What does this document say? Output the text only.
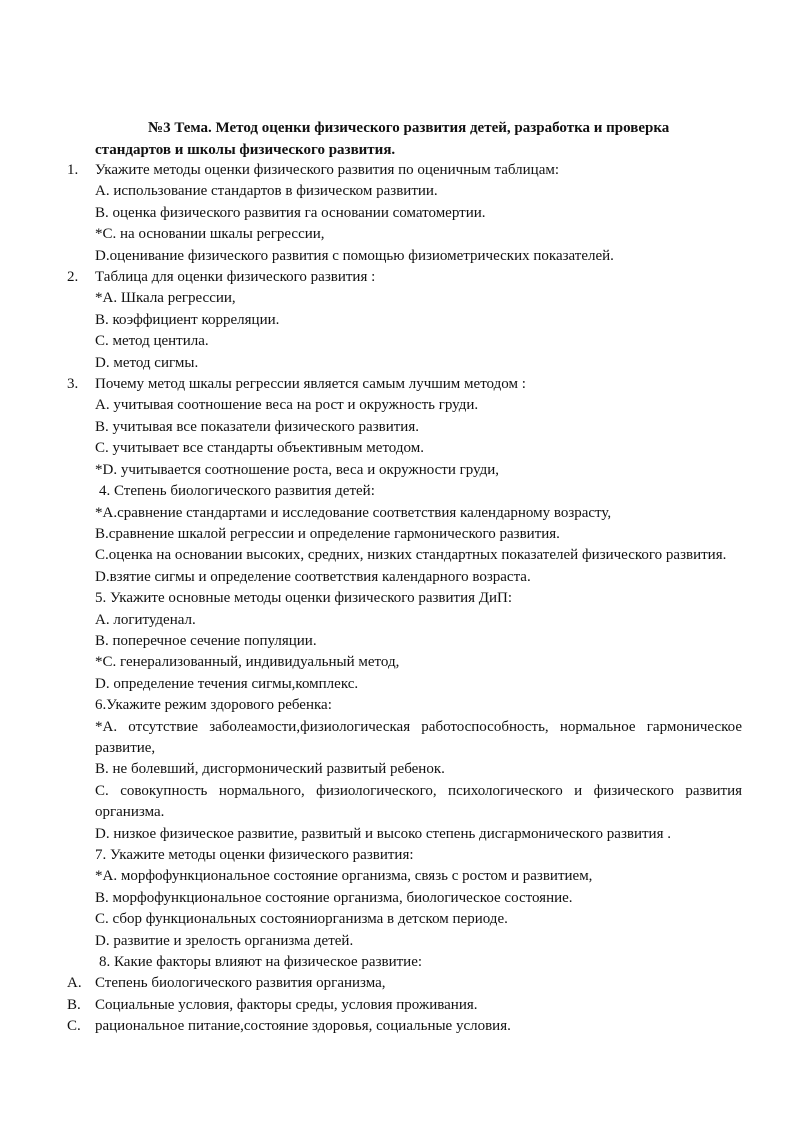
№3 Тема. Метод оценки физического развития детей, разработка и проверка стандартов и школы физического развития.
1. Укажите методы оценки физического развития по оценичным таблицам:
А. использование стандартов в физическом развитии.
В. оценка физического развития га основании соматомертии.
*С. на основании шкалы регрессии,
D.оценивание физического развития с помощью физиометрических показателей.
2. Таблица для оценки физического развития :
*А. Шкала регрессии,
В. коэффициент корреляции.
С. метод центила.
D. метод сигмы.
3. Почему метод шкалы регрессии является самым лучшим методом :
А. учитывая соотношение веса на рост и окружность груди.
В. учитывая все показатели физического развития.
С. учитывает все стандарты объективным методом.
*D. учитывается соотношение роста, веса и окружности груди,
4. Степень биологического развития детей:
*А.сравнение стандартами и исследование соответствия календарному возрасту,
В.сравнение шкалой регрессии и определение гармонического развития.
С.оценка на основании высоких, средних, низких стандартных показателей физического развития.
D.взятие сигмы и определение соответствия календарного возраста.
5. Укажите основные методы оценки физического развития ДиП:
А. логитуденал.
В. поперечное сечение популяции.
*С. генерализованный, индивидуальный метод,
D. определение течения сигмы,комплекс.
6.Укажите режим здорового ребенка:
*А. отсутствие заболеамости,физиологическая работоспособность, нормальное гармоническое развитие,
В. не болевший, дисгормонический развитый ребенок.
С. совокупность нормального, физиологического, психологического и физического развития организма.
D. низкое физическое развитие, развитый и высоко степень дисгармонического развития .
7. Укажите методы оценки физического развития:
*А. морфофункциональное состояние организма, связь с ростом и развитием,
В. морфофункциональное состояние организма, биологическое состояние.
С. сбор функциональных состояниорганизма в детском периоде.
D. развитие и зрелость организма детей.
8. Какие факторы влияют на физическое развитие:
A. Степень биологического развития организма,
B. Социальные условия, факторы среды, условия проживания.
C. рациональное питание,состояние здоровья, социальные условия.
